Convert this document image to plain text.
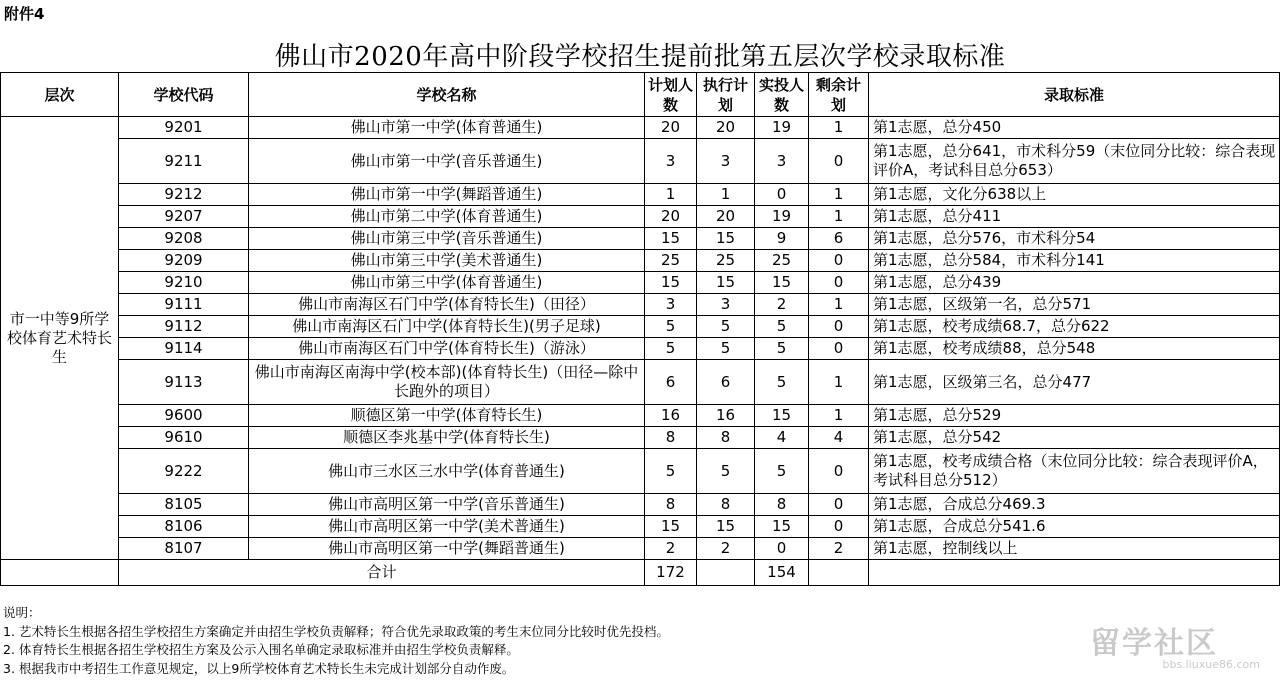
附件4
佛山市2020年高中阶段学校招生提前批第五层次学校录取标准
层次	学校代码	学校名称	计划人数	执行计划	实投人数	剩余计划	录取标准
市一中等9所学校体育艺术特长生	9201	佛山市第一中学(体育普通生)	20	20	19	1	第1志愿，总分450
	9211	佛山市第一中学(音乐普通生)	3	3	3	0	第1志愿，总分641，市术科分59（末位同分比较：综合表现评价A，考试科目总分653）
	9212	佛山市第一中学(舞蹈普通生)	1	1	0	1	第1志愿，文化分638以上
	9207	佛山市第二中学(体育普通生)	20	20	19	1	第1志愿，总分411
	9208	佛山市第三中学(音乐普通生)	15	15	9	6	第1志愿，总分576，市术科分54
	9209	佛山市第三中学(美术普通生)	25	25	25	0	第1志愿，总分584，市术科分141
	9210	佛山市第三中学(体育普通生)	15	15	15	0	第1志愿，总分439
	9111	佛山市南海区石门中学(体育特长生)（田径）	3	3	2	1	第1志愿，区级第一名，总分571
	9112	佛山市南海区石门中学(体育特长生)(男子足球)	5	5	5	0	第1志愿，校考成绩68.7，总分622
	9114	佛山市南海区石门中学(体育特长生)（游泳）	5	5	5	0	第1志愿，校考成绩88，总分548
	9113	佛山市南海区南海中学(校本部)(体育特长生)（田径—除中长跑外的项目）	6	6	5	1	第1志愿，区级第三名，总分477
	9600	顺德区第一中学(体育特长生)	16	16	15	1	第1志愿，总分529
	9610	顺德区李兆基中学(体育特长生)	8	8	4	4	第1志愿，总分542
	9222	佛山市三水区三水中学(体育普通生)	5	5	5	0	第1志愿，校考成绩合格（末位同分比较：综合表现评价A，考试科目总分512）
	8105	佛山市高明区第一中学(音乐普通生)	8	8	8	0	第1志愿，合成总分469.3
	8106	佛山市高明区第一中学(美术普通生)	15	15	15	0	第1志愿，合成总分541.6
	8107	佛山市高明区第一中学(舞蹈普通生)	2	2	0	2	第1志愿，控制线以上
	合计		172		154		
说明：
1. 艺术特长生根据各招生学校招生方案确定并由招生学校负责解释；符合优先录取政策的考生末位同分比较时优先投档。
2. 体育特长生根据各招生学校招生方案及公示入围名单确定录取标准并由招生学校负责解释。
3. 根据我市中考招生工作意见规定，以上9所学校体育艺术特长生未完成计划部分自动作废。
留学社区
bbs.liuxue86.com
